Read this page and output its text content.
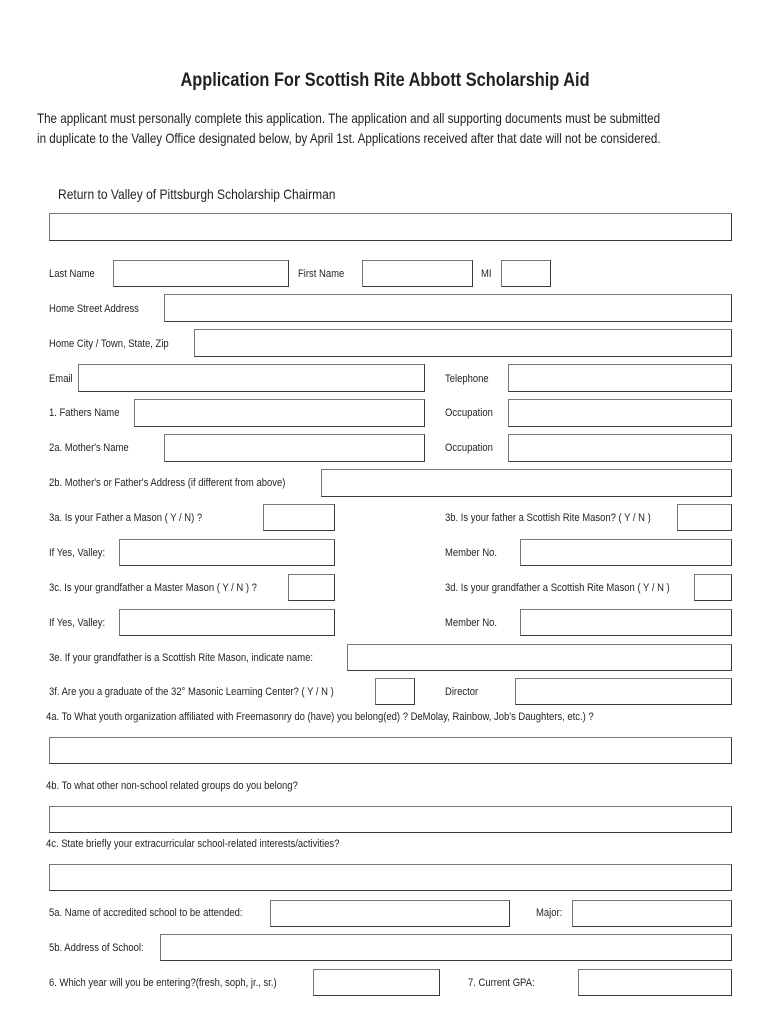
Application For Scottish Rite Abbott Scholarship Aid
The applicant must personally complete this application. The application and all supporting documents must be submitted
in duplicate to the Valley Office designated below, by April 1st. Applications received after that date will not be considered.
Return to Valley of Pittsburgh Scholarship Chairman
Last Name	First Name	MI
Home Street Address
Home City / Town, State, Zip
Email	Telephone
1. Fathers Name	Occupation
2a. Mother's Name	Occupation
2b. Mother's or Father's Address (if different from above)
3a. Is your Father a Mason ( Y / N) ?	3b. Is your father a Scottish Rite Mason? ( Y / N )
If Yes, Valley:	Member No.
3c. Is your grandfather a Master Mason ( Y / N ) ?	3d. Is your grandfather a Scottish Rite Mason ( Y / N )
If Yes, Valley:	Member No.
3e. If your grandfather is a Scottish Rite Mason, indicate name:
3f. Are you a graduate of the 32° Masonic Learning Center? ( Y / N )	Director
4a. To What youth organization affiliated with Freemasonry do (have) you belong(ed) ? DeMolay, Rainbow, Job's Daughters, etc.) ?
4b. To what other non-school related groups do you belong?
4c. State briefly your extracurricular school-related interests/activities?
5a. Name of accredited school to be attended:	Major:
5b. Address of School:
6. Which year will you be entering?(fresh, soph, jr., sr.)	7. Current GPA:
